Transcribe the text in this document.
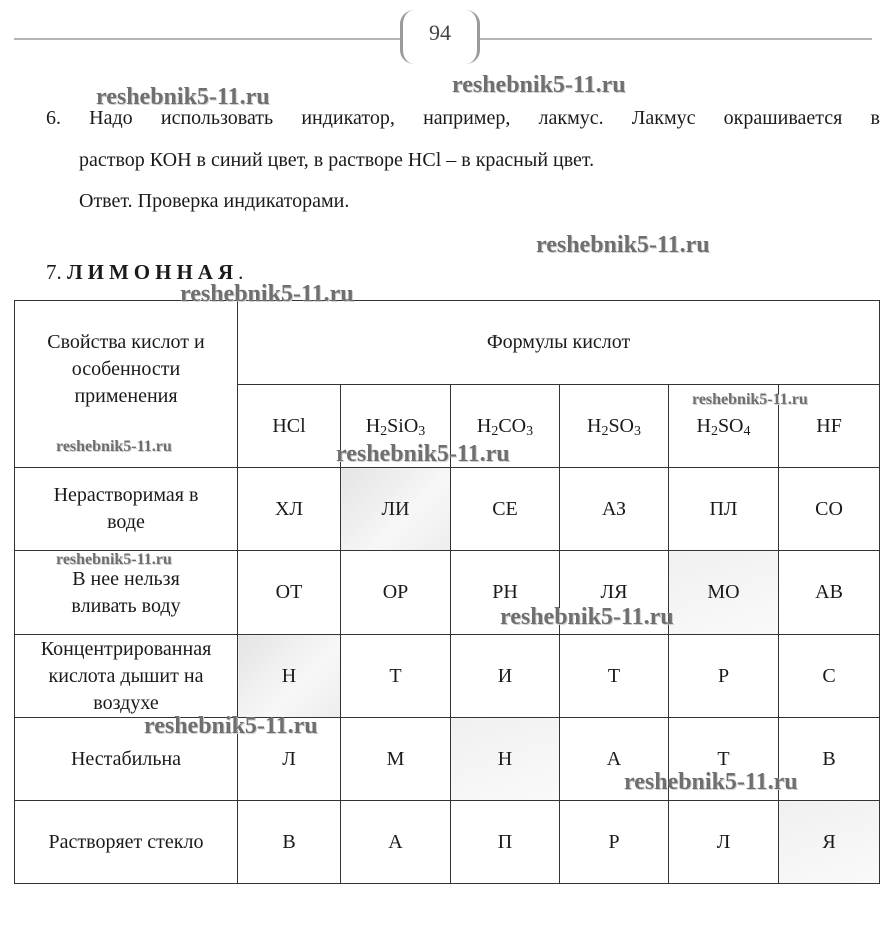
94
6. Надо использовать индикатор, например, лакмус. Лакмус окрашивается в
раствор КОН в синий цвет, в растворе HCl – в красный цвет.
Ответ. Проверка индикаторами.
7. ЛИМОННАЯ.
Свойства кислот и
особенности
применения	Формулы кислот					
	HCl	$H_2SiO_3$	$H_2CO_3$	$H_2SO_3$	$H_2SO_4$	HF

Нерастворимая в
воде	ХЛ	ЛИ	СЕ	АЗ	ПЛ	СО

В нее нельзя
вливать воду	ОТ	ОР	РН	ЛЯ	МО	АВ

Концентрированная
кислота дышит на
воздухе	Н	Т	И	Т	Р	С

Нестабильна	Л	М	Н	А	Т	В

Растворяет стекло	В	А	П	Р	Л	Я
reshebnik5-11.ru	reshebnik5-11.ru
reshebnik5-11.ru
reshebnik5-11.ru
reshebnik5-11.ru
reshebnik5-11.ru	reshebnik5-11.ru
reshebnik5-11.ru
reshebnik5-11.ru
reshebnik5-11.ru
reshebnik5-11.ru
